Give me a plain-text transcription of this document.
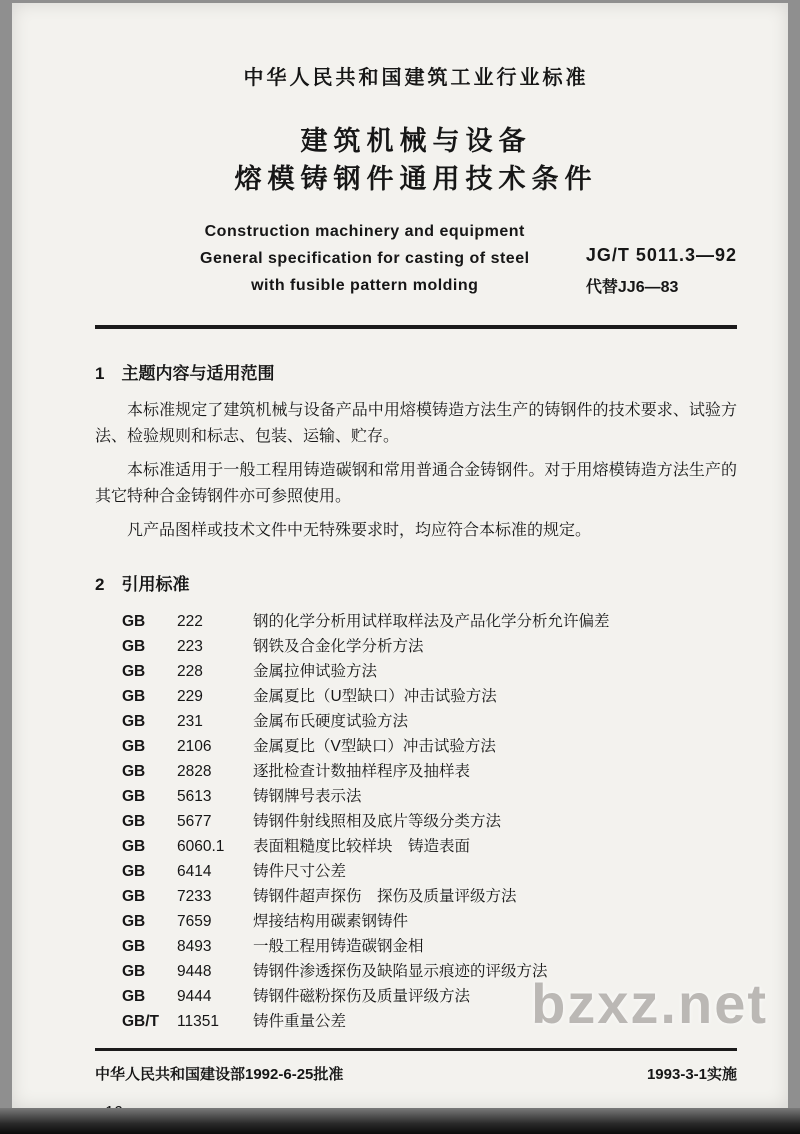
中华人民共和国建筑工业行业标准
建筑机械与设备
熔模铸钢件通用技术条件
Construction machinery and equipment
General specification for casting of steel
with fusible pattern molding
JG/T 5011.3—92
代替JJ6—83
1　主题内容与适用范围

本标准规定了建筑机械与设备产品中用熔模铸造方法生产的铸钢件的技术要求、试验方法、检验规则和标志、包装、运输、贮存。

本标准适用于一般工程用铸造碳钢和常用普通合金铸钢件。对于用熔模铸造方法生产的其它特种合金铸钢件亦可参照使用。

凡产品图样或技术文件中无特殊要求时，均应符合本标准的规定。

2　引用标准
GB	222	钢的化学分析用试样取样法及产品化学分析允许偏差
GB	223	钢铁及合金化学分析方法
GB	228	金属拉伸试验方法
GB	229	金属夏比（U型缺口）冲击试验方法
GB	231	金属布氏硬度试验方法
GB	2106	金属夏比（V型缺口）冲击试验方法
GB	2828	逐批检查计数抽样程序及抽样表
GB	5613	铸钢牌号表示法
GB	5677	铸钢件射线照相及底片等级分类方法
GB	6060.1	表面粗糙度比较样块　铸造表面
GB	6414	铸件尺寸公差
GB	7233	铸钢件超声探伤　探伤及质量评级方法
GB	7659	焊接结构用碳素钢铸件
GB	8493	一般工程用铸造碳钢金相
GB	9448	铸钢件渗透探伤及缺陷显示痕迹的评级方法
GB	9444	铸钢件磁粉探伤及质量评级方法
GB/T	11351	铸件重量公差
中华人民共和国建设部1992-6-25批准	1993-3-1实施
bzxz.net
